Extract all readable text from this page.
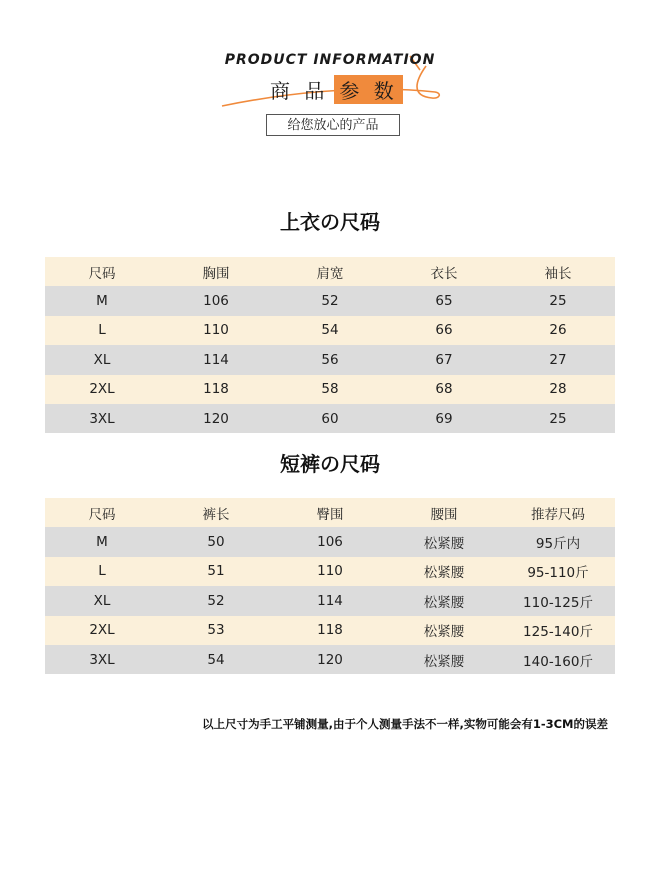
PRODUCT INFORMATION
商 品 参 数
给您放心的产品
上衣の尺码
尺码	胸围	肩宽	衣长	袖长
M	106	52	65	25
L	110	54	66	26
XL	114	56	67	27
2XL	118	58	68	28
3XL	120	60	69	25
短裤の尺码
尺码	裤长	臀围	腰围	推荐尺码
M	50	106	松紧腰	95斤内
L	51	110	松紧腰	95-110斤
XL	52	114	松紧腰	110-125斤
2XL	53	118	松紧腰	125-140斤
3XL	54	120	松紧腰	140-160斤
以上尺寸为手工平铺测量,由于个人测量手法不一样,实物可能会有1-3CM的误差
